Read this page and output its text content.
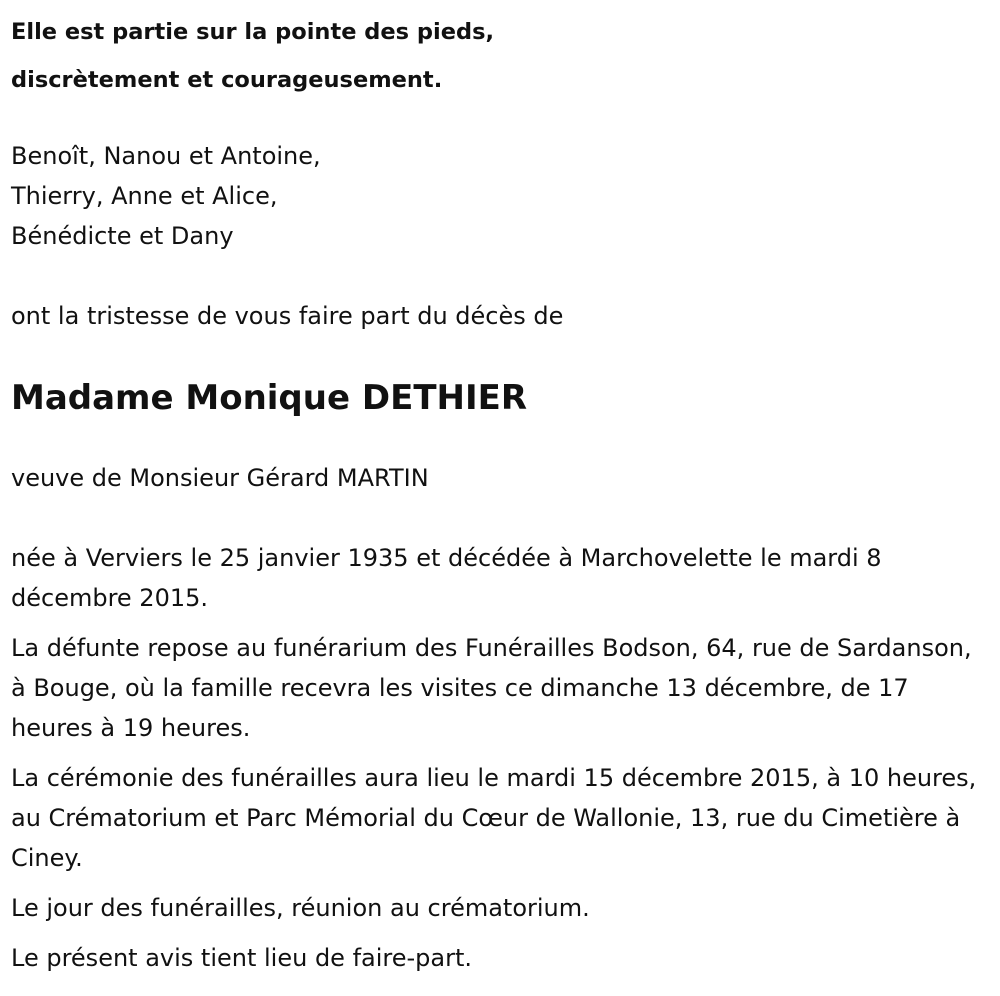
Elle est partie sur la pointe des pieds,
discrètement et courageusement.
Benoît, Nanou et Antoine,
Thierry, Anne et Alice,
Bénédicte et Dany
ont la tristesse de vous faire part du décès de
Madame Monique DETHIER
veuve de Monsieur Gérard MARTIN

née à Verviers le 25 janvier 1935 et décédée à Marchovelette le mardi 8 décembre 2015.

La défunte repose au funérarium des Funérailles Bodson, 64, rue de Sardanson, à Bouge, où la famille recevra les visites ce dimanche 13 décembre, de 17 heures à 19 heures.

La cérémonie des funérailles aura lieu le mardi 15 décembre 2015, à 10 heures, au Crématorium et Parc Mémorial du Cœur de Wallonie, 13, rue du Cimetière à Ciney.

Le jour des funérailles, réunion au crématorium.

Le présent avis tient lieu de faire-part.
